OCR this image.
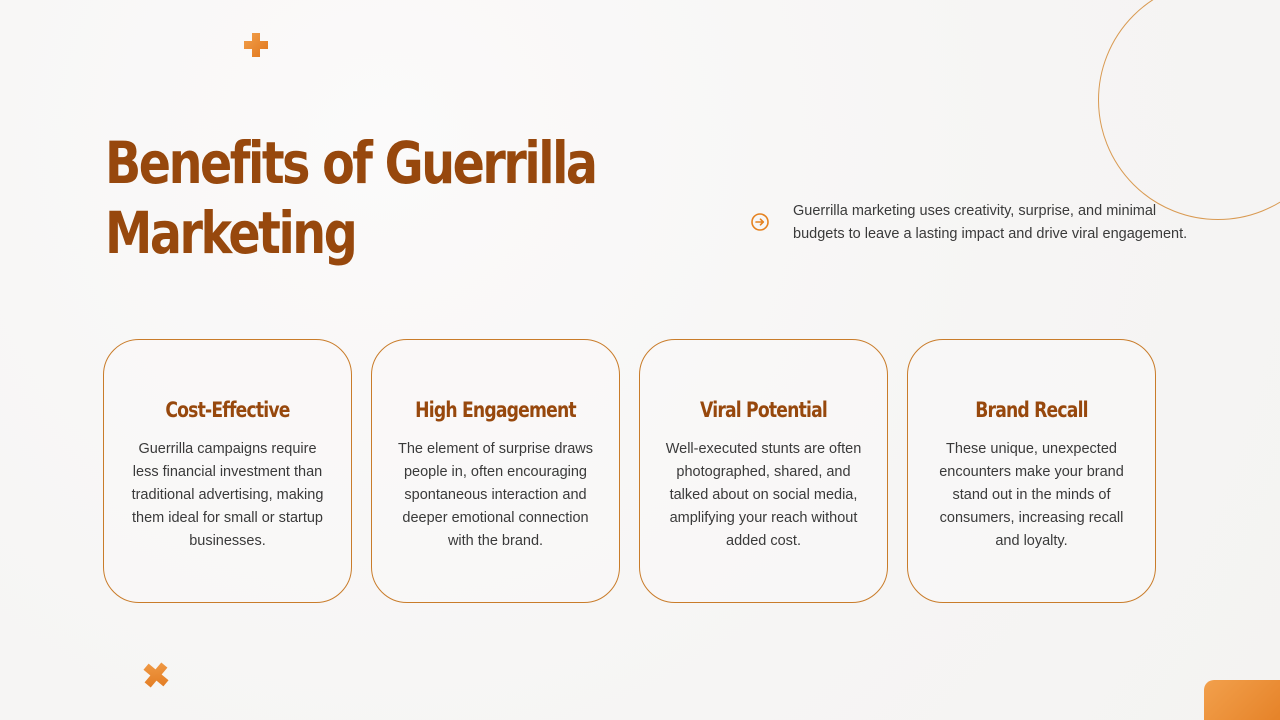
Benefits of Guerrilla Marketing	Guerrilla marketing uses creativity, surprise, and minimal budgets to leave a lasting impact and drive viral engagement.
Cost-Effective
Guerrilla campaigns require less financial investment than traditional advertising, making them ideal for small or startup businesses.
High Engagement
The element of surprise draws people in, often encouraging spontaneous interaction and deeper emotional connection with the brand.
Viral Potential
Well-executed stunts are often photographed, shared, and talked about on social media, amplifying your reach without added cost.
Brand Recall
These unique, unexpected encounters make your brand stand out in the minds of consumers, increasing recall and loyalty.
